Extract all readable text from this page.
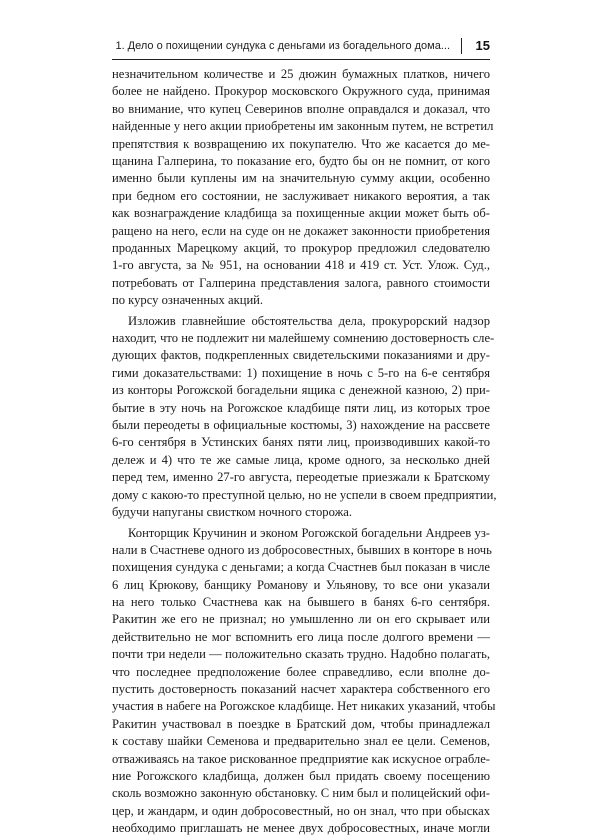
1. Дело о похищении сундука с деньгами из богадельного дома... 15
незначительном количестве и 25 дюжин бумажных платков, ничего
более не найдено. Прокурор московского Окружного суда, принимая
во внимание, что купец Северинов вполне оправдался и доказал, что
найденные у него акции приобретены им законным путем, не встретил
препятствия к возвращению их покупателю. Что же касается до ме-
щанина Галперина, то показание его, будто бы он не помнит, от кого
именно были куплены им на значительную сумму акции, особенно
при бедном его состоянии, не заслуживает никакого вероятия, а так
как вознаграждение кладбища за похищенные акции может быть об-
ращено на него, если на суде он не докажет законности приобретения
проданных Марецкому акций, то прокурор предложил следователю
1-го августа, за № 951, на основании 418 и 419 ст. Уст. Улож. Суд.,
потребовать от Галперина представления залога, равного стоимости
по курсу означенных акций.
Изложив главнейшие обстоятельства дела, прокурорский надзор
находит, что не подлежит ни малейшему сомнению достоверность сле-
дующих фактов, подкрепленных свидетельскими показаниями и дру-
гими доказательствами: 1) похищение в ночь с 5-го на 6-е сентября
из конторы Рогожской богадельни ящика с денежной казною, 2) при-
бытие в эту ночь на Рогожское кладбище пяти лиц, из которых трое
были переодеты в официальные костюмы, 3) нахождение на рассвете
6-го сентября в Устинских банях пяти лиц, производивших какой-то
дележ и 4) что те же самые лица, кроме одного, за несколько дней
перед тем, именно 27-го августа, переодетые приезжали к Братскому
дому с какою-то преступной целью, но не успели в своем предприятии,
будучи напуганы свистком ночного сторожа.
Конторщик Кручинин и эконом Рогожской богадельни Андреев уз-
нали в Счастневе одного из добросовестных, бывших в конторе в ночь
похищения сундука с деньгами; а когда Счастнев был показан в числе
6 лиц Крюкову, банщику Романову и Ульянову, то все они указали
на него только Счастнева как на бывшего в банях 6-го сентября.
Ракитин же его не признал; но умышленно ли он его скрывает или
действительно не мог вспомнить его лица после долгого времени —
почти три недели — положительно сказать трудно. Надобно полагать,
что последнее предположение более справедливо, если вполне до-
пустить достоверность показаний насчет характера собственного его
участия в набеге на Рогожское кладбище. Нет никаких указаний, чтобы
Ракитин участвовал в поездке в Братский дом, чтобы принадлежал
к составу шайки Семенова и предварительно знал ее цели. Семенов,
отваживаясь на такое рискованное предприятие как искусное ограбле-
ние Рогожского кладбища, должен был придать своему посещению
сколь возможно законную обстановку. С ним был и полицейский офи-
цер, и жандарм, и один добросовестный, но он знал, что при обысках
необходимо приглашать не менее двух добросовестных, иначе могли
